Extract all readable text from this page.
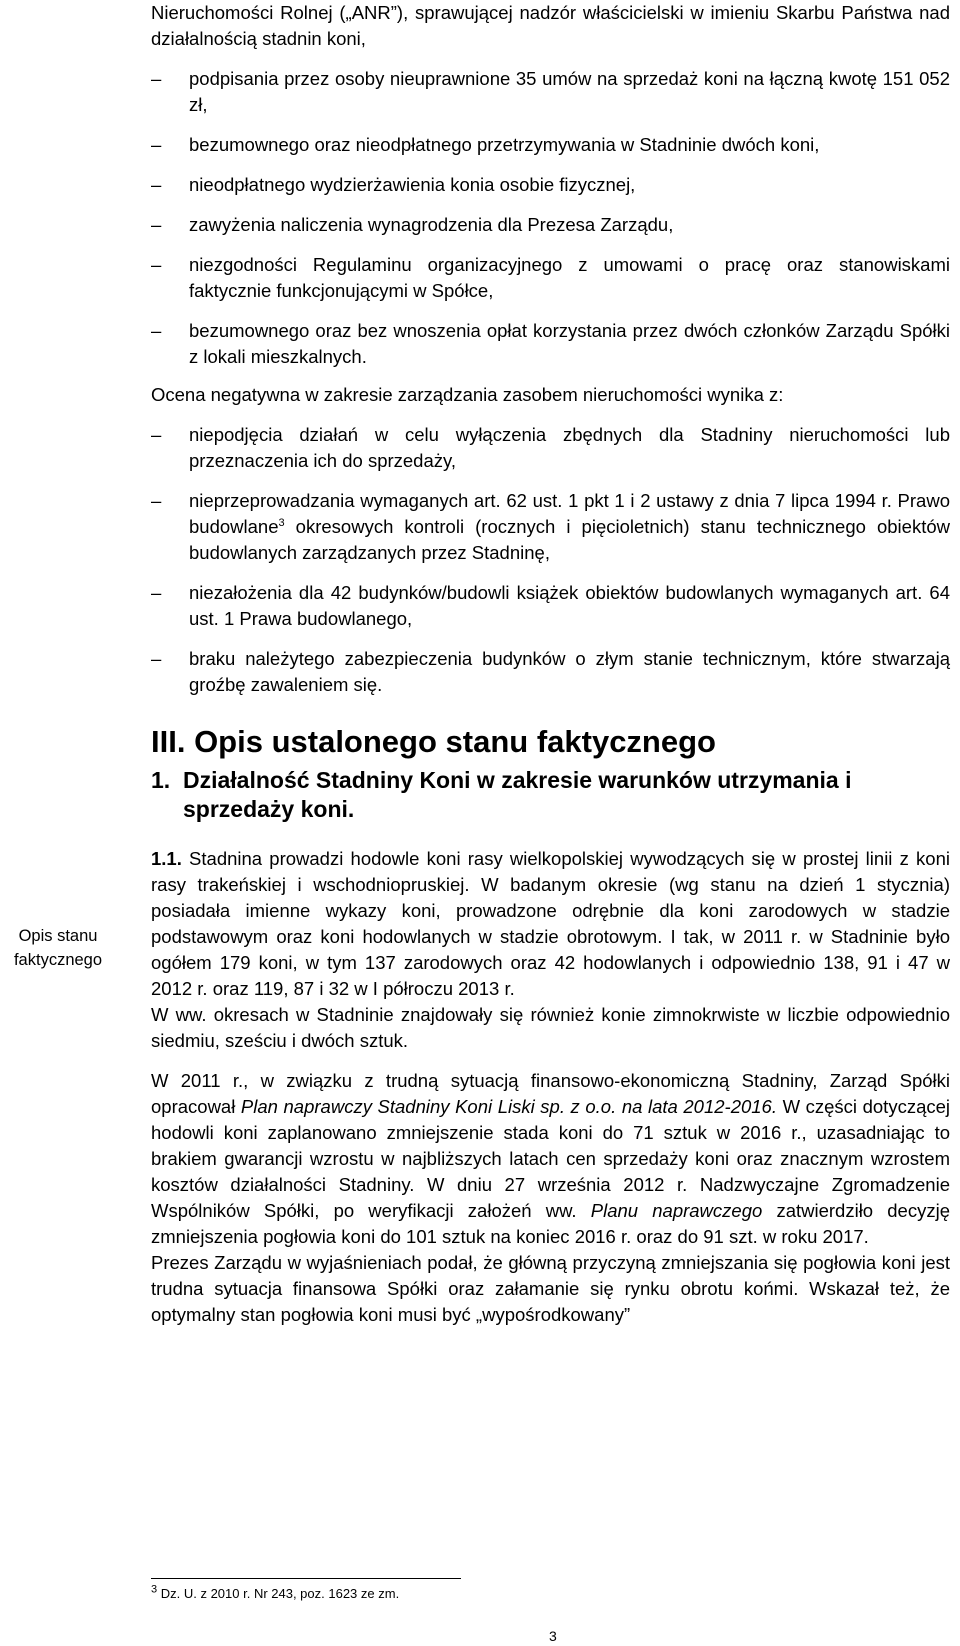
Nieruchomości Rolnej („ANR”), sprawującej nadzór właścicielski w imieniu Skarbu Państwa nad działalnością stadnin koni,

– podpisania przez osoby nieuprawnione 35 umów na sprzedaż koni na łączną kwotę 151 052 zł,
– bezumownego oraz nieodpłatnego przetrzymywania w Stadninie dwóch koni,
– nieodpłatnego wydzierżawienia konia osobie fizycznej,
– zawyżenia naliczenia wynagrodzenia dla Prezesa Zarządu,
– niezgodności Regulaminu organizacyjnego z umowami o pracę oraz stanowiskami faktycznie funkcjonującymi w Spółce,
– bezumownego oraz bez wnoszenia opłat korzystania przez dwóch członków Zarządu Spółki z lokali mieszkalnych.

Ocena negatywna w zakresie zarządzania zasobem nieruchomości wynika z:

– niepodjęcia działań w celu wyłączenia zbędnych dla Stadniny nieruchomości lub przeznaczenia ich do sprzedaży,
– nieprzeprowadzania wymaganych art. 62 ust. 1 pkt 1 i 2 ustawy z dnia 7 lipca 1994 r. Prawo budowlane$^3$ okresowych kontroli (rocznych i pięcioletnich) stanu technicznego obiektów budowlanych zarządzanych przez Stadninę,
– niezałożenia dla 42 budynków/budowli książek obiektów budowlanych wymaganych art. 64 ust. 1 Prawa budowlanego,
– braku należytego zabezpieczenia budynków o złym stanie technicznym, które stwarzają groźbę zawaleniem się.
III. Opis ustalonego stanu faktycznego
1. Działalność Stadniny Koni w zakresie warunków utrzymania i sprzedaży koni.

1.1. Stadnina prowadzi hodowle koni rasy wielkopolskiej wywodzących się w prostej linii z koni rasy trakeńskiej i wschodniopruskiej. W badanym okresie (wg stanu na dzień 1 stycznia) posiadała imienne wykazy koni, prowadzone odrębnie dla koni zarodowych w stadzie podstawowym oraz koni hodowlanych w stadzie obrotowym. I tak, w 2011 r. w Stadninie było ogółem 179 koni, w tym 137 zarodowych oraz 42 hodowlanych i odpowiednio 138, 91 i 47 w 2012 r. oraz 119, 87 i 32 w I półroczu 2013 r.

W ww. okresach w Stadninie znajdowały się również konie zimnokrwiste w liczbie odpowiednio siedmiu, sześciu i dwóch sztuk.

W 2011 r., w związku z trudną sytuacją finansowo-ekonomiczną Stadniny, Zarząd Spółki opracował Plan naprawczy Stadniny Koni Liski sp. z o.o. na lata 2012-2016. W części dotyczącej hodowli koni zaplanowano zmniejszenie stada koni do 71 sztuk w 2016 r., uzasadniając to brakiem gwarancji wzrostu w najbliższych latach cen sprzedaży koni oraz znacznym wzrostem kosztów działalności Stadniny. W dniu 27 września 2012 r. Nadzwyczajne Zgromadzenie Wspólników Spółki, po weryfikacji założeń ww. Planu naprawczego zatwierdziło decyzję zmniejszenia pogłowia koni do 101 sztuk na koniec 2016 r. oraz do 91 szt. w roku 2017.

Prezes Zarządu w wyjaśnieniach podał, że główną przyczyną zmniejszania się pogłowia koni jest trudna sytuacja finansowa Spółki oraz załamanie się rynku obrotu końmi. Wskazał też, że optymalny stan pogłowia koni musi być „wypośrodkowany”

Opis stanu
faktycznego
$^3$ Dz. U. z 2010 r. Nr 243, poz. 1623 ze zm.
3
